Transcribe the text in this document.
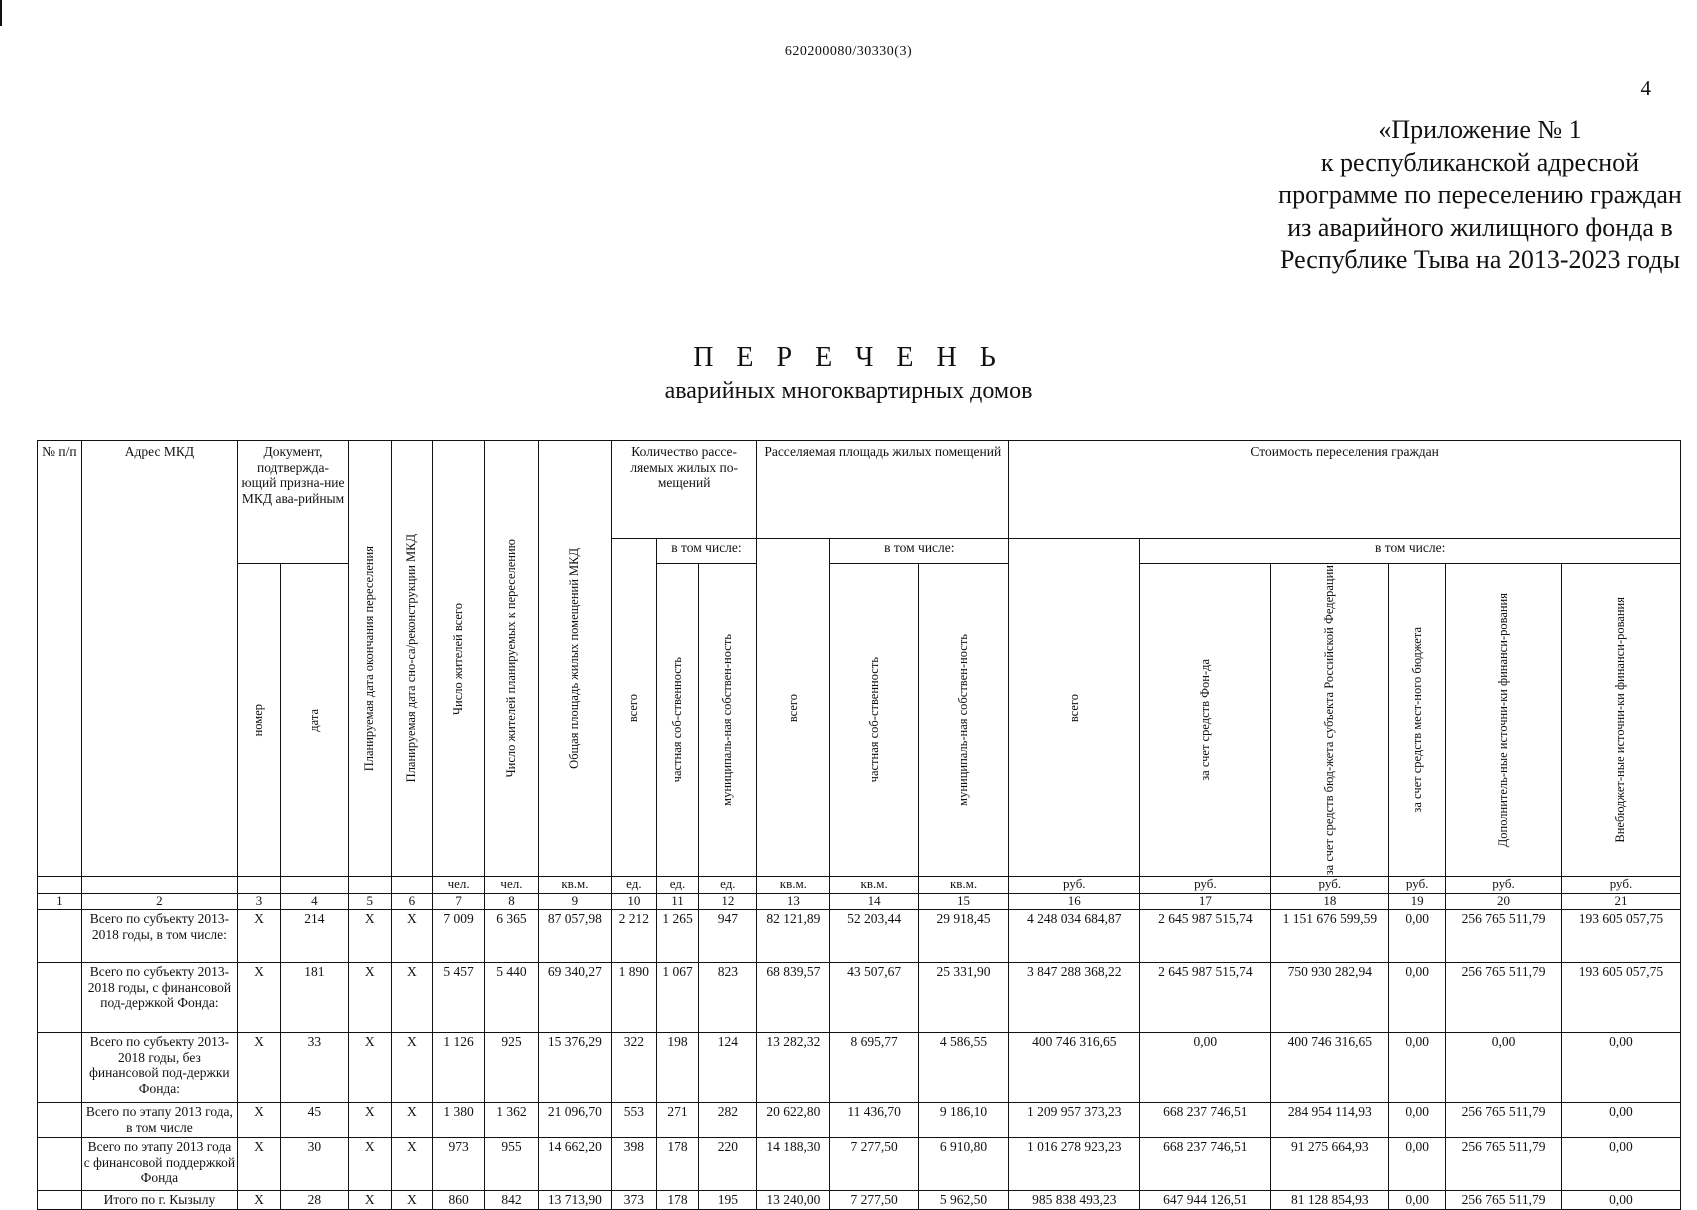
620200080/30330(3)
4
«Приложение № 1
к республиканской адресной
программе по переселению граждан
из аварийного жилищного фонда в
Республике Тыва на 2013-2023 годы
П Е Р Е Ч Е Н Ь
аварийных многоквартирных домов
№ п/п	Адрес МКД	Документ, подтвержда-ющий призна-ние МКД ава-рийным		Планируемая дата окончания переселения	Планируемая дата сно-са/реконструкции МКД	Число жителей всего	Число жителей планируемых к переселению	Общая площадь жилых помещений МКД	Количество рассе-ляемых жилых по-мещений			Расселяемая площадь жилых помещений			Стоимость переселения граждан					

									всего	в том числе:		всего	в том числе:		всего	в том числе:				

		номер	дата							частная соб-ственность	муниципаль-ная собствен-ность		частная соб-ственность	муниципаль-ная собствен-ность		за счет средств Фон-да	за счет средств бюд-жета субъекта Российской Федерации	за счет средств мест-ного бюджета	Дополнитель-ные источни-ки финанси-рования	Внебюджет-ные источни-ки финанси-рования

						чел.	чел.	кв.м.	ед.	ед.	ед.	кв.м.	кв.м.	кв.м.	руб.	руб.	руб.	руб.	руб.	руб.
1	2	3	4	5	6	7	8	9	10	11	12	13	14	15	16	17	18	19	20	21
	Всего по субъекту 2013-2018 годы, в том числе:	X	214	X	X	7 009	6 365	87 057,98	2 212	1 265	947	82 121,89	52 203,44	29 918,45	4 248 034 684,87	2 645 987 515,74	1 151 676 599,59	0,00	256 765 511,79	193 605 057,75
	Всего по субъекту 2013-2018 годы, с финансовой под-держкой Фонда:	X	181	X	X	5 457	5 440	69 340,27	1 890	1 067	823	68 839,57	43 507,67	25 331,90	3 847 288 368,22	2 645 987 515,74	750 930 282,94	0,00	256 765 511,79	193 605 057,75
	Всего по субъекту 2013-2018 годы, без финансовой под-держки Фонда:	X	33	X	X	1 126	925	15 376,29	322	198	124	13 282,32	8 695,77	4 586,55	400 746 316,65	0,00	400 746 316,65	0,00	0,00	0,00
	Всего по этапу 2013 года, в том числе	X	45	X	X	1 380	1 362	21 096,70	553	271	282	20 622,80	11 436,70	9 186,10	1 209 957 373,23	668 237 746,51	284 954 114,93	0,00	256 765 511,79	0,00
	Всего по этапу 2013 года с финансовой поддержкой Фонда	X	30	X	X	973	955	14 662,20	398	178	220	14 188,30	7 277,50	6 910,80	1 016 278 923,23	668 237 746,51	91 275 664,93	0,00	256 765 511,79	0,00
	Итого по г. Кызылу	X	28	X	X	860	842	13 713,90	373	178	195	13 240,00	7 277,50	5 962,50	985 838 493,23	647 944 126,51	81 128 854,93	0,00	256 765 511,79	0,00
